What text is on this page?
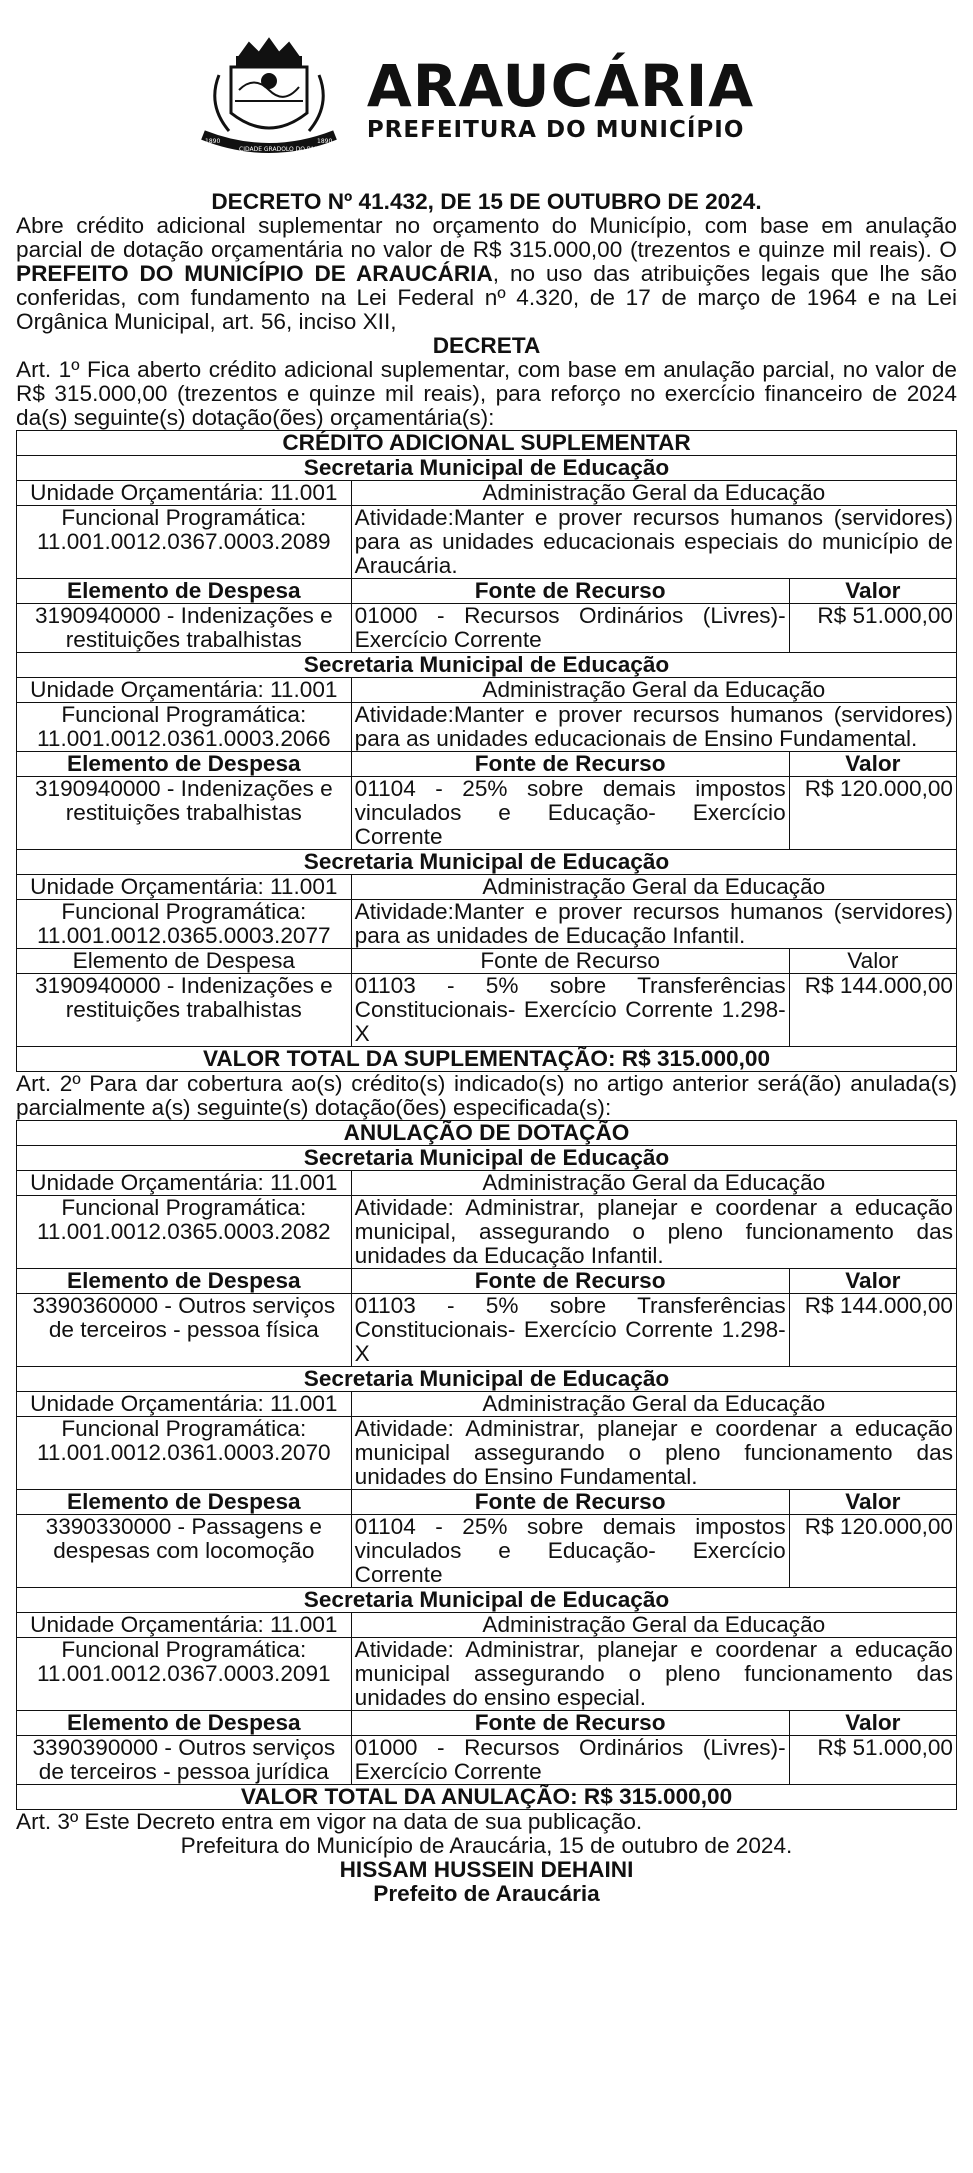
1890
CIDADE GRADOLO DO PARANÁ
1890
ARAUCÁRIA
PREFEITURA DO MUNICÍPIO
DECRETO Nº 41.432, DE 15 DE OUTUBRO DE 2024.
Abre crédito adicional suplementar no orçamento do Município, com base em anulação parcial de dotação orçamentária no valor de R$ 315.000,00 (trezentos e quinze mil reais). O PREFEITO DO MUNICÍPIO DE ARAUCÁRIA, no uso das atribuições legais que lhe são conferidas, com fundamento na Lei Federal nº 4.320, de 17 de março de 1964 e na Lei Orgânica Municipal, art. 56, inciso XII,
DECRETA
Art. 1º Fica aberto crédito adicional suplementar, com base em anulação parcial, no valor de R$ 315.000,00 (trezentos e quinze mil reais), para reforço no exercício financeiro de 2024 da(s) seguinte(s) dotação(ões) orçamentária(s):
CRÉDITO ADICIONAL SUPLEMENTAR		
Secretaria Municipal de Educação		
Unidade Orçamentária: 11.001	Administração Geral da Educação	
Funcional Programática: 11.001.0012.0367.0003.2089	Atividade:Manter e prover recursos humanos (servidores) para as unidades educacionais especiais do município de Araucária.	
Elemento de Despesa	Fonte de Recurso	Valor
3190940000 - Indenizações e restituições trabalhistas	01000 - Recursos Ordinários (Livres)- Exercício Corrente	R$ 51.000,00
Secretaria Municipal de Educação		
Unidade Orçamentária: 11.001	Administração Geral da Educação	
Funcional Programática: 11.001.0012.0361.0003.2066	Atividade:Manter e prover recursos humanos (servidores) para as unidades educacionais de Ensino Fundamental.	
Elemento de Despesa	Fonte de Recurso	Valor
3190940000 - Indenizações e restituições trabalhistas	01104 - 25% sobre demais impostos vinculados e Educação- Exercício Corrente	R$ 120.000,00
Secretaria Municipal de Educação		
Unidade Orçamentária: 11.001	Administração Geral da Educação	
Funcional Programática: 11.001.0012.0365.0003.2077	Atividade:Manter e prover recursos humanos (servidores) para as unidades de Educação Infantil.	
Elemento de Despesa	Fonte de Recurso	Valor
3190940000 - Indenizações e restituições trabalhistas	01103 - 5% sobre Transferências Constitucionais- Exercício Corrente 1.298-X	R$ 144.000,00
VALOR TOTAL DA SUPLEMENTAÇÃO: R$ 315.000,00		
Art. 2º Para dar cobertura ao(s) crédito(s) indicado(s) no artigo anterior será(ão) anulada(s) parcialmente a(s) seguinte(s) dotação(ões) especificada(s):
ANULAÇÃO DE DOTAÇÃO		
Secretaria Municipal de Educação		
Unidade Orçamentária: 11.001	Administração Geral da Educação	
Funcional Programática: 11.001.0012.0365.0003.2082	Atividade: Administrar, planejar e coordenar a educação municipal, assegurando o pleno funcionamento das unidades da Educação Infantil.	
Elemento de Despesa	Fonte de Recurso	Valor
3390360000 - Outros serviços de terceiros - pessoa física	01103 - 5% sobre Transferências Constitucionais- Exercício Corrente 1.298-X	R$ 144.000,00
Secretaria Municipal de Educação		
Unidade Orçamentária: 11.001	Administração Geral da Educação	
Funcional Programática: 11.001.0012.0361.0003.2070	Atividade: Administrar, planejar e coordenar a educação municipal assegurando o pleno funcionamento das unidades do Ensino Fundamental.	
Elemento de Despesa	Fonte de Recurso	Valor
3390330000 - Passagens e despesas com locomoção	01104 - 25% sobre demais impostos vinculados e Educação- Exercício Corrente	R$ 120.000,00
Secretaria Municipal de Educação		
Unidade Orçamentária: 11.001	Administração Geral da Educação	
Funcional Programática: 11.001.0012.0367.0003.2091	Atividade: Administrar, planejar e coordenar a educação municipal assegurando o pleno funcionamento das unidades do ensino especial.	
Elemento de Despesa	Fonte de Recurso	Valor
3390390000 - Outros serviços de terceiros - pessoa jurídica	01000 - Recursos Ordinários (Livres)- Exercício Corrente	R$ 51.000,00
VALOR TOTAL DA ANULAÇÃO: R$ 315.000,00		
Art. 3º Este Decreto entra em vigor na data de sua publicação.
Prefeitura do Município de Araucária, 15 de outubro de 2024.
HISSAM HUSSEIN DEHAINI
Prefeito de Araucária
